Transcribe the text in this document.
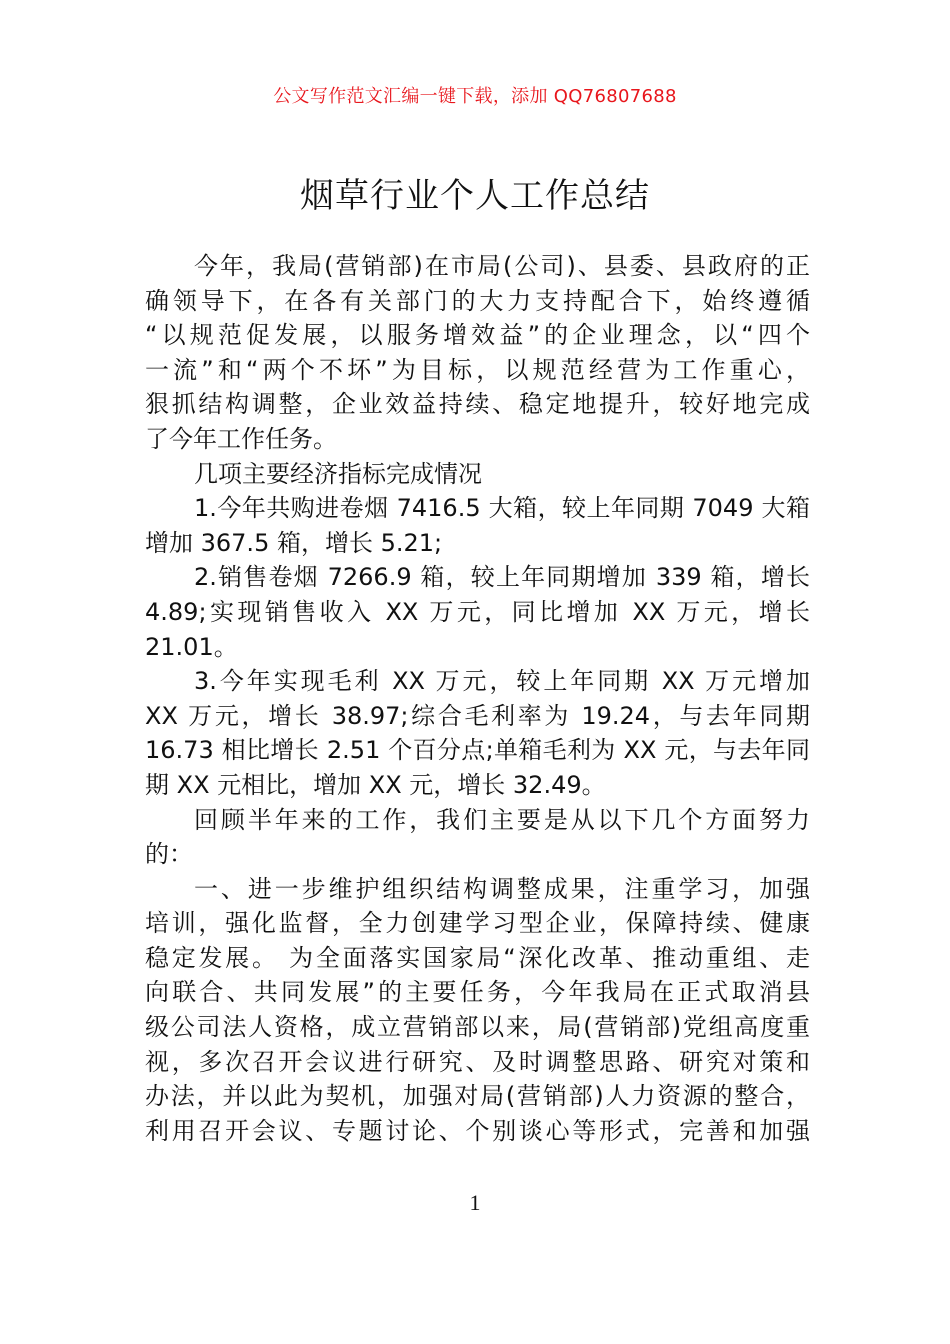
公文写作范文汇编一键下载，添加 QQ76807688
烟草行业个人工作总结
今年，我局(营销部)在市局(公司)、县委、县政府的正
确领导下，在各有关部门的大力支持配合下，始终遵循
“以规范促发展，以服务增效益”的企业理念，以“四个
一流”和“两个不坏”为目标，以规范经营为工作重心，
狠抓结构调整，企业效益持续、稳定地提升，较好地完成
了今年工作任务。
几项主要经济指标完成情况
1.今年共购进卷烟 7416.5 大箱，较上年同期 7049 大箱
增加 367.5 箱，增长 5.21;
2.销售卷烟 7266.9 箱，较上年同期增加 339 箱，增长
4.89;实现销售收入 XX 万元，同比增加 XX 万元，增长
21.01。
3.今年实现毛利 XX 万元，较上年同期 XX 万元增加
XX 万元，增长 38.97;综合毛利率为 19.24，与去年同期
16.73 相比增长 2.51 个百分点;单箱毛利为 XX 元，与去年同
期 XX 元相比，增加 XX 元，增长 32.49。
回顾半年来的工作，我们主要是从以下几个方面努力
的：
一、进一步维护组织结构调整成果，注重学习，加强
培训，强化监督，全力创建学习型企业，保障持续、健康
稳定发展。 为全面落实国家局“深化改革、推动重组、走
向联合、共同发展”的主要任务，今年我局在正式取消县
级公司法人资格，成立营销部以来，局(营销部)党组高度重
视，多次召开会议进行研究、及时调整思路、研究对策和
办法，并以此为契机，加强对局(营销部)人力资源的整合，
利用召开会议、专题讨论、个别谈心等形式，完善和加强
1
